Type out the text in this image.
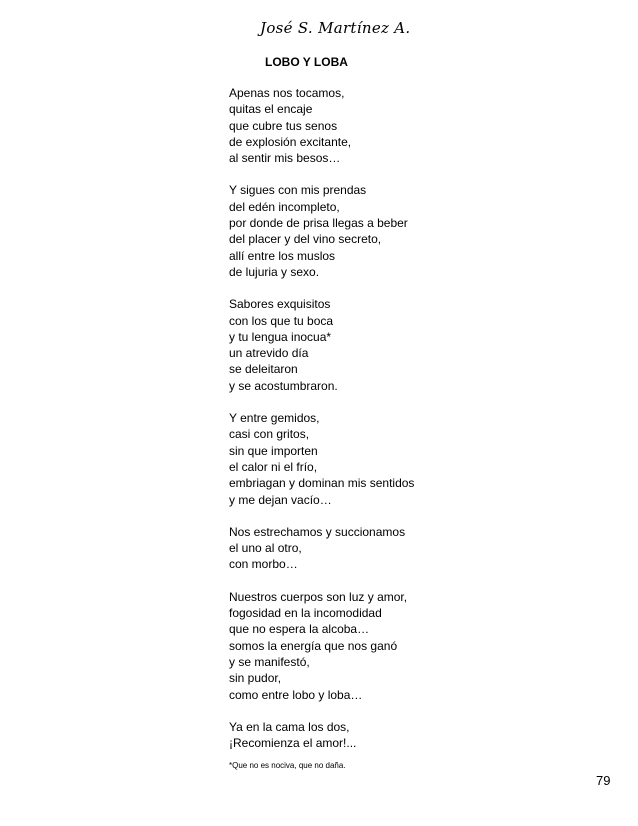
José S. Martínez A.
LOBO Y LOBA
Apenas nos tocamos,
quitas el encaje
que cubre tus senos
de explosión excitante,
al sentir mis besos…
Y sigues con mis prendas
del edén incompleto,
por donde de prisa llegas a beber
del placer y del vino secreto,
allí entre los muslos
de lujuria y sexo.
Sabores exquisitos
con los que tu boca
y tu lengua inocua*
un atrevido día
se deleitaron
y se acostumbraron.
Y entre gemidos,
casi con gritos,
sin que importen
el calor ni el frío,
embriagan y dominan mis sentidos
y me dejan vacío…
Nos estrechamos y succionamos
el uno al otro,
con morbo…
Nuestros cuerpos son luz y amor,
fogosidad en la incomodidad
que no espera la alcoba…
somos la energía que nos ganó
y se manifestó,
sin pudor,
como entre lobo y loba…
Ya en la cama los dos,
¡Recomienza el amor!...
*Que no es nociva, que no daña.
79
